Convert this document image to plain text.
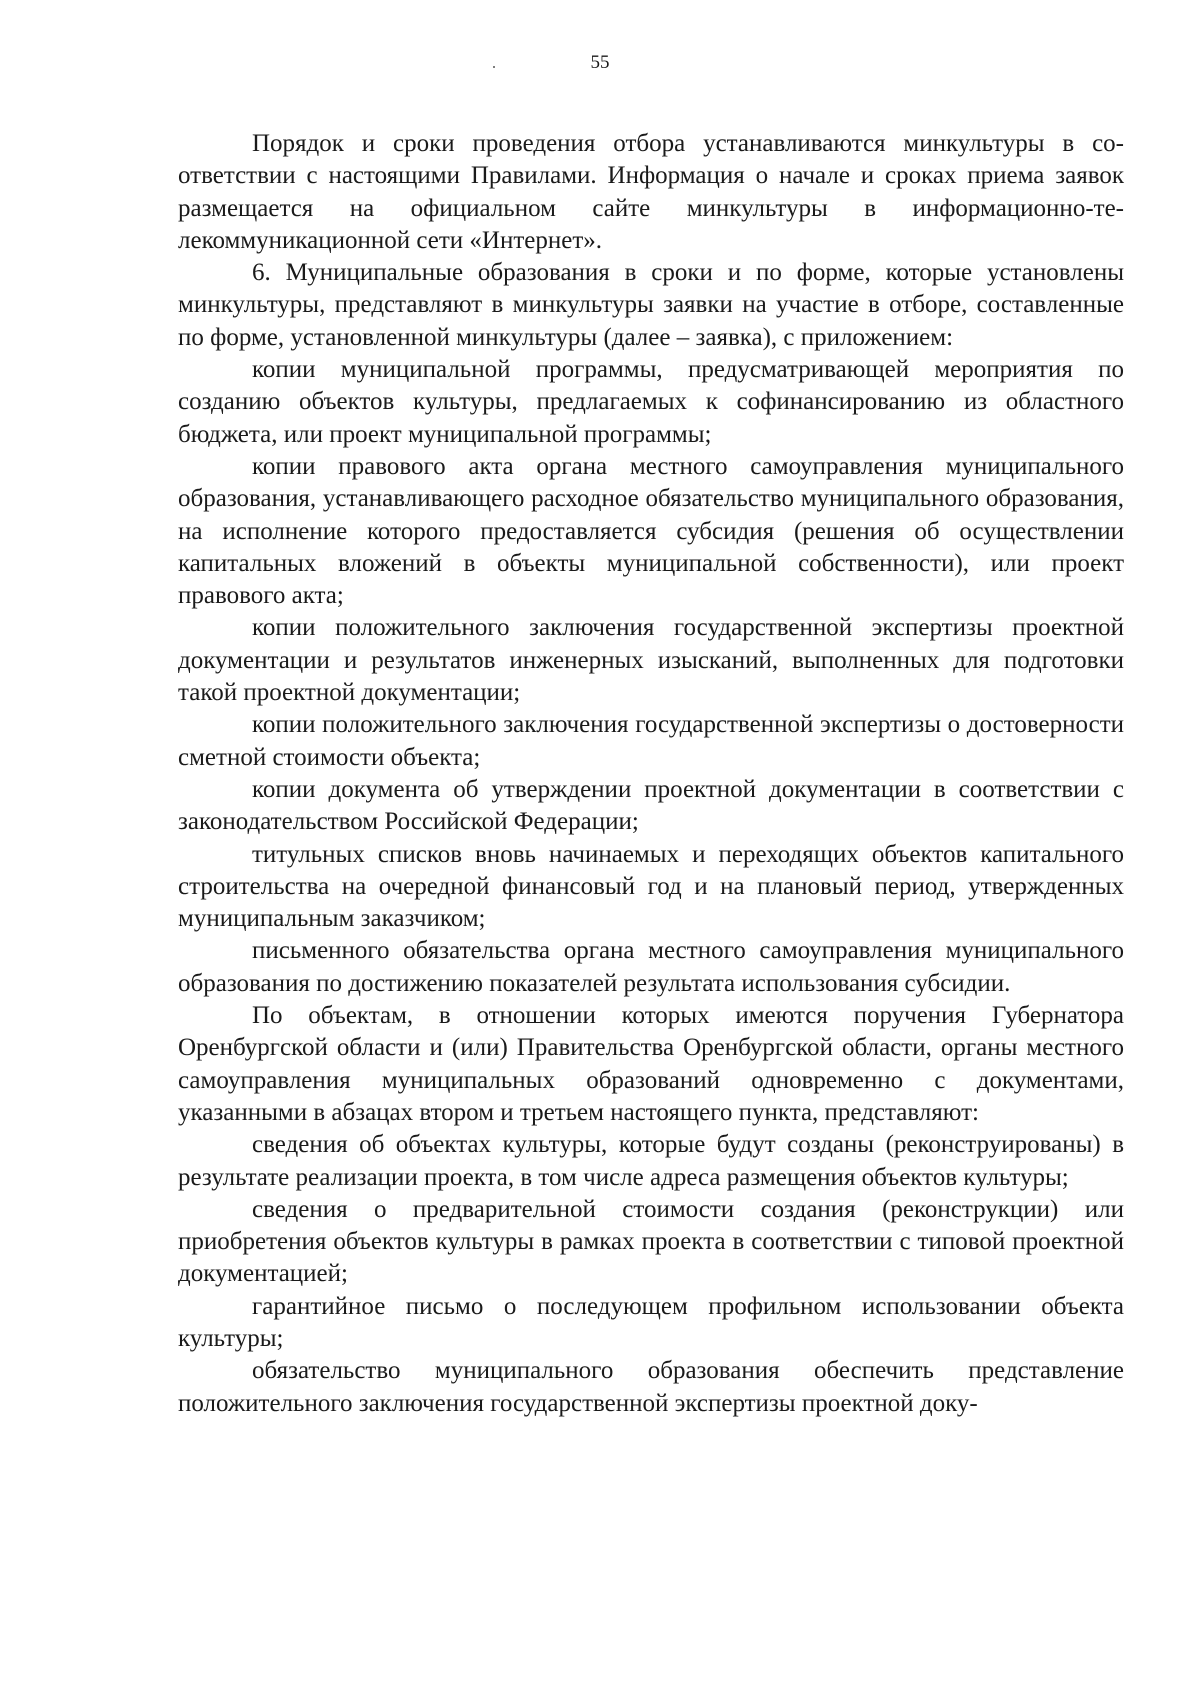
55

Порядок и сроки проведения отбора устанавливаются минкультуры в соответствии с настоящими Правилами. Информация о начале и сроках приема заявок размещается на официальном сайте минкультуры в информационно-телекоммуникационной сети «Интернет».

6. Муниципальные образования в сроки и по форме, которые установлены минкультуры, представляют в минкультуры заявки на участие в отборе, составленные по форме, установленной минкультуры (далее – заявка), с приложением:

копии муниципальной программы, предусматривающей мероприятия по созданию объектов культуры, предлагаемых к софинансированию из областного бюджета, или проект муниципальной программы;

копии правового акта органа местного самоуправления муниципального образования, устанавливающего расходное обязательство муниципального образования, на исполнение которого предоставляется субсидия (решения об осуществлении капитальных вложений в объекты муниципальной собственности), или проект правового акта;

копии положительного заключения государственной экспертизы проектной документации и результатов инженерных изысканий, выполненных для подготовки такой проектной документации;

копии положительного заключения государственной экспертизы о достоверности сметной стоимости объекта;

копии документа об утверждении проектной документации в соответствии с законодательством Российской Федерации;

титульных списков вновь начинаемых и переходящих объектов капитального строительства на очередной финансовый год и на плановый период, утвержденных муниципальным заказчиком;

письменного обязательства органа местного самоуправления муниципального образования по достижению показателей результата использования субсидии.

По объектам, в отношении которых имеются поручения Губернатора Оренбургской области и (или) Правительства Оренбургской области, органы местного самоуправления муниципальных образований одновременно с документами, указанными в абзацах втором и третьем настоящего пункта, представляют:

сведения об объектах культуры, которые будут созданы (реконструированы) в результате реализации проекта, в том числе адреса размещения объектов культуры;

сведения о предварительной стоимости создания (реконструкции) или приобретения объектов культуры в рамках проекта в соответствии с типовой проектной документацией;

гарантийное письмо о последующем профильном использовании объекта культуры;

обязательство муниципального образования обеспечить представление положительного заключения государственной экспертизы проектной доку-
